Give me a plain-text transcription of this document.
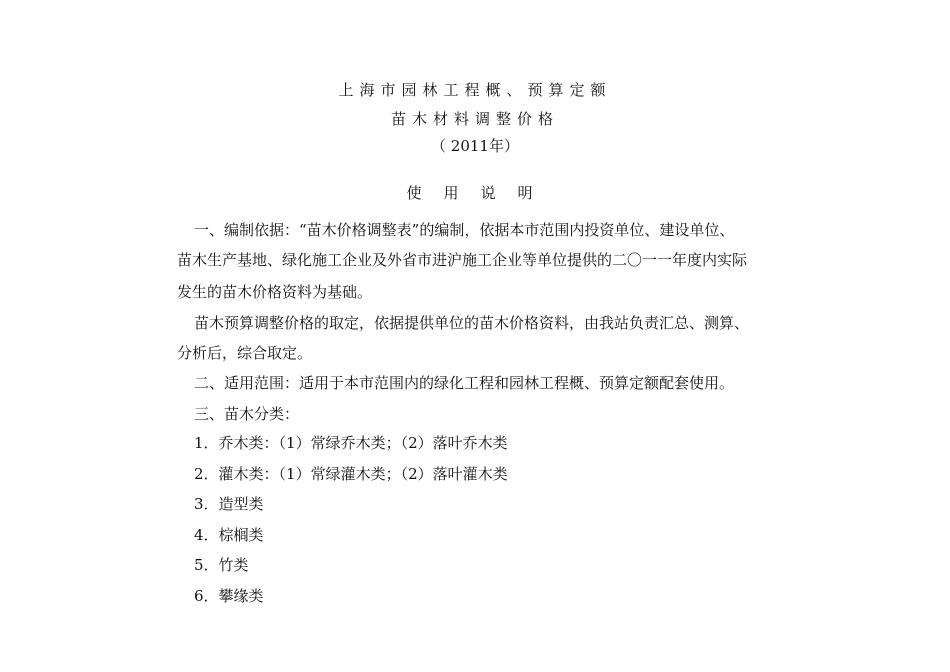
上海市园林工程概、预算定额
苗木材料调整价格
（ 2011年）
使用说明
一、编制依据：“苗木价格调整表”的编制，依据本市范围内投资单位、建设单位、
苗木生产基地、绿化施工企业及外省市进沪施工企业等单位提供的二〇一一年度内实际
发生的苗木价格资料为基础。
苗木预算调整价格的取定，依据提供单位的苗木价格资料，由我站负责汇总、测算、
分析后，综合取定。
二、适用范围：适用于本市范围内的绿化工程和园林工程概、预算定额配套使用。
三、苗木分类：
1．乔木类：（1）常绿乔木类；（2）落叶乔木类
2．灌木类：（1）常绿灌木类；（2）落叶灌木类
3．造型类
4．棕榈类
5．竹类
6．攀缘类
